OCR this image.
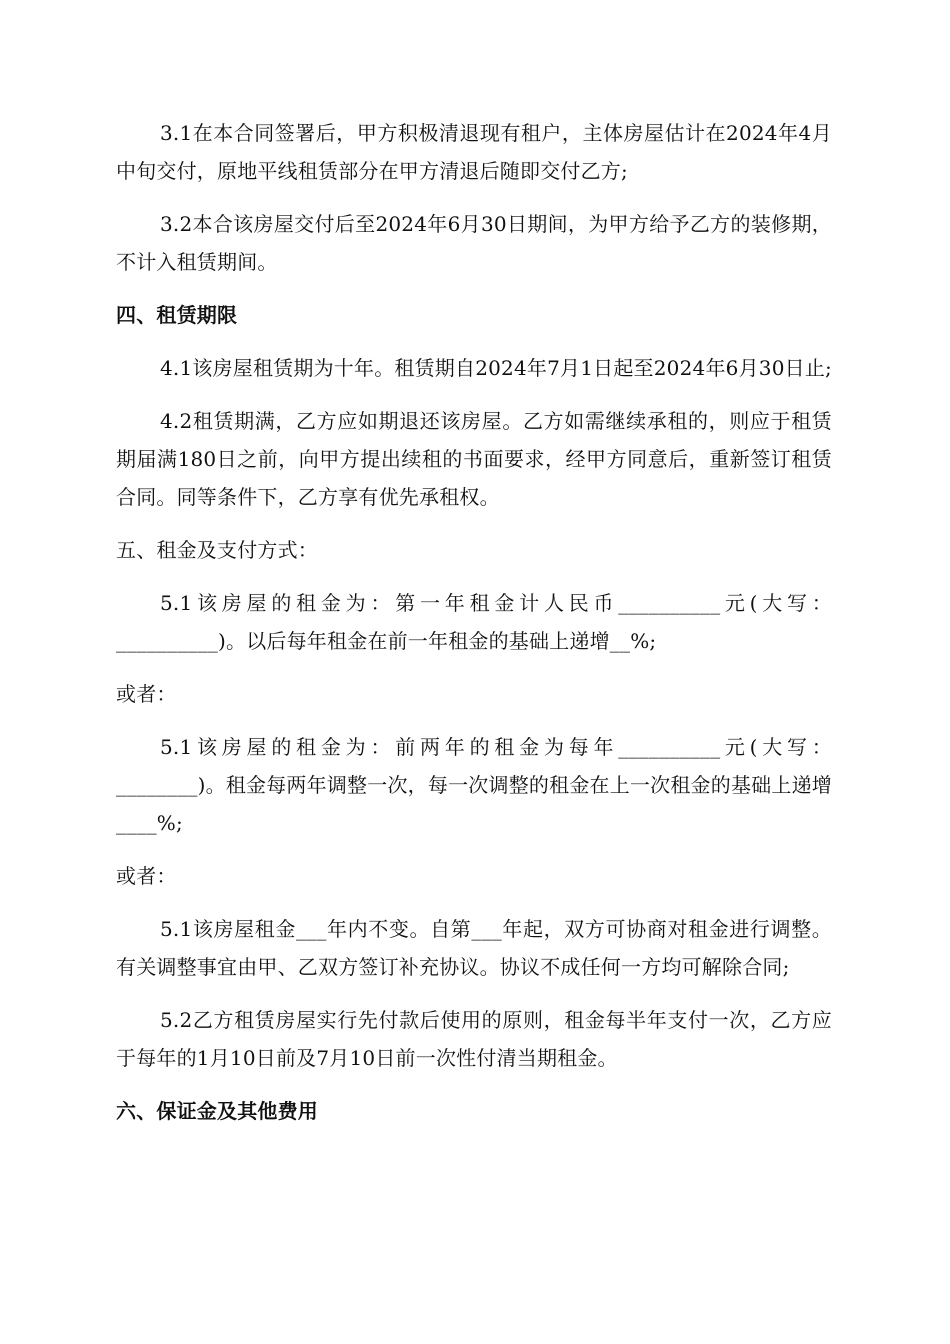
3.1在本合同签署后，甲方积极清退现有租户，主体房屋估计在2024年4月中旬交付，原地平线租赁部分在甲方清退后随即交付乙方;

3.2本合该房屋交付后至2024年6月30日期间，为甲方给予乙方的装修期，不计入租赁期间。

四、租赁期限

4.1该房屋租赁期为十年。租赁期自2024年7月1日起至2024年6月30日止;

4.2租赁期满，乙方应如期退还该房屋。乙方如需继续承租的，则应于租赁期届满180日之前，向甲方提出续租的书面要求，经甲方同意后，重新签订租赁合同。同等条件下，乙方享有优先承租权。

五、租金及支付方式：

5.1该房屋的租金为：第一年租金计人民币__________元(大写：__________)。以后每年租金在前一年租金的基础上递增__%;

或者：

5.1该房屋的租金为：前两年的租金为每年__________元(大写：________)。租金每两年调整一次，每一次调整的租金在上一次租金的基础上递增____%;

或者：

5.1该房屋租金___年内不变。自第___年起，双方可协商对租金进行调整。有关调整事宜由甲、乙双方签订补充协议。协议不成任何一方均可解除合同;

5.2乙方租赁房屋实行先付款后使用的原则，租金每半年支付一次，乙方应于每年的1月10日前及7月10日前一次性付清当期租金。

六、保证金及其他费用
